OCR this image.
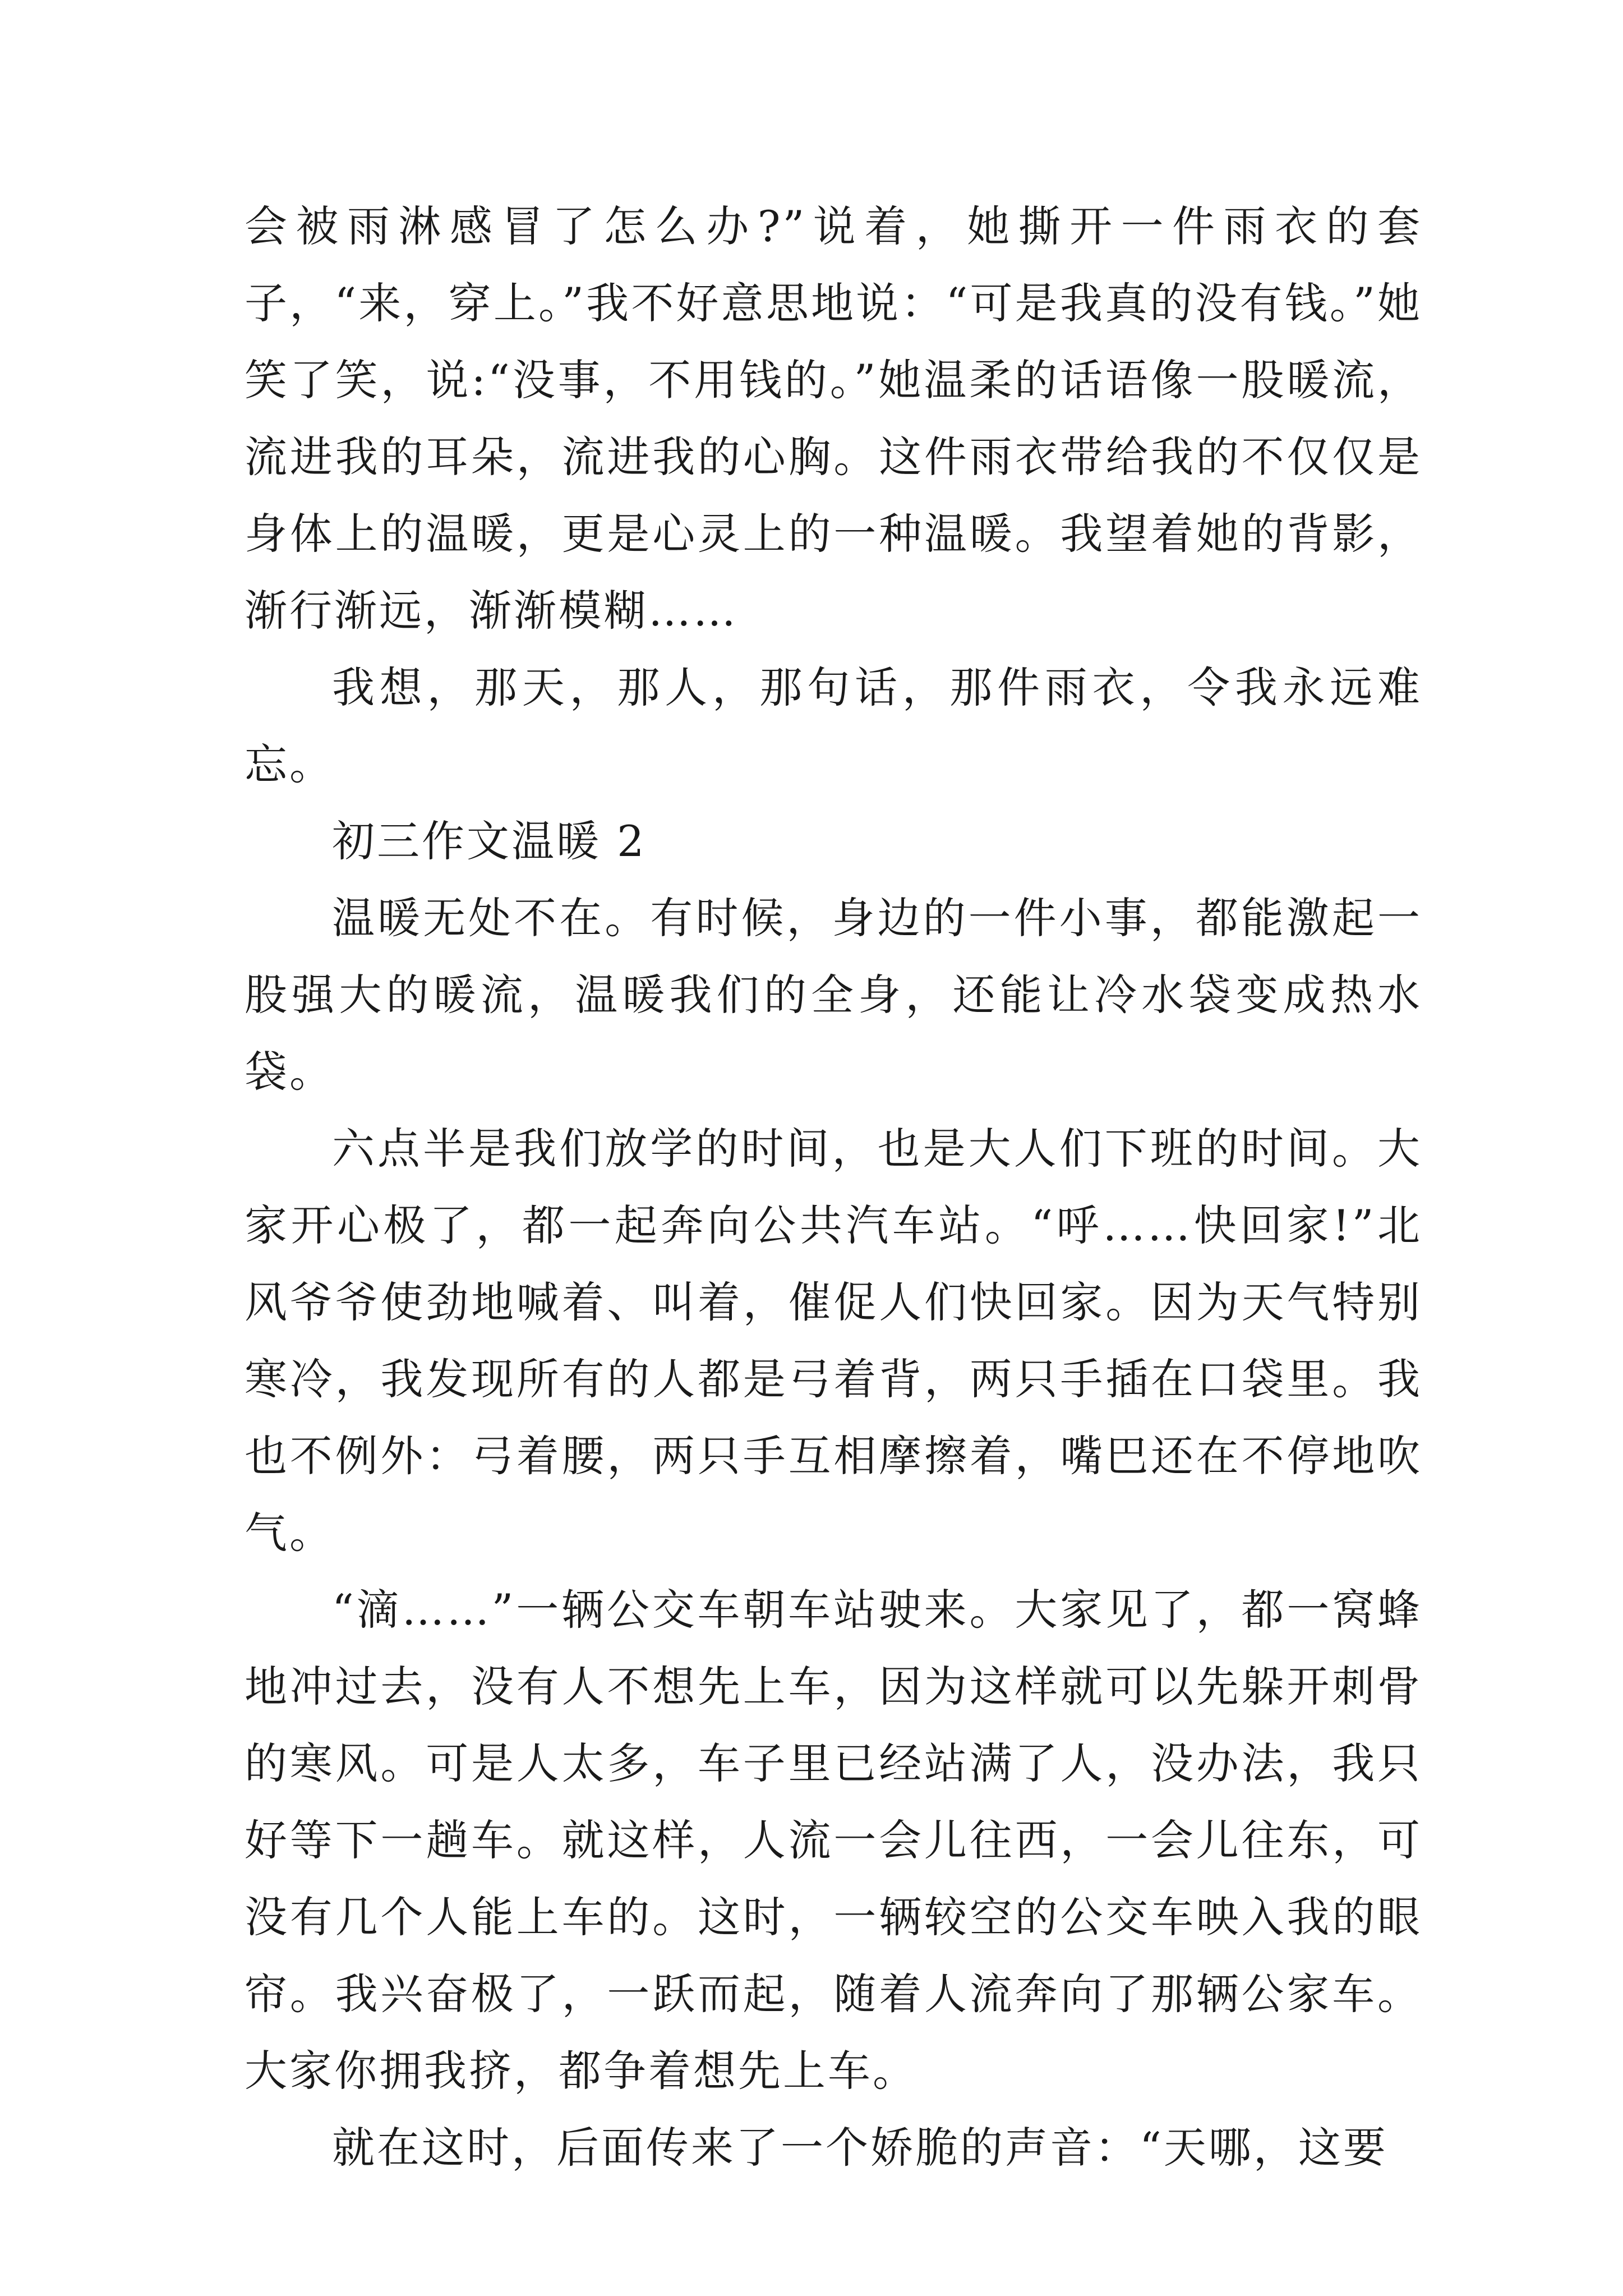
会被雨淋感冒了怎么办?”说着，她撕开一件雨衣的套子，“来，穿上。”我不好意思地说：“可是我真的没有钱。”她笑了笑，说:“没事，不用钱的。”她温柔的话语像一股暖流，流进我的耳朵，流进我的心胸。这件雨衣带给我的不仅仅是身体上的温暖，更是心灵上的一种温暖。我望着她的背影，渐行渐远，渐渐模糊……

我想，那天，那人，那句话，那件雨衣，令我永远难忘。

初三作文温暖 2

温暖无处不在。有时候，身边的一件小事，都能激起一股强大的暖流，温暖我们的全身，还能让冷水袋变成热水袋。

六点半是我们放学的时间，也是大人们下班的时间。大家开心极了，都一起奔向公共汽车站。“呼……快回家!”北风爷爷使劲地喊着、叫着，催促人们快回家。因为天气特别寒冷，我发现所有的人都是弓着背，两只手插在口袋里。我也不例外：弓着腰，两只手互相摩擦着，嘴巴还在不停地吹气。

“滴……”一辆公交车朝车站驶来。大家见了，都一窝蜂地冲过去，没有人不想先上车，因为这样就可以先躲开刺骨的寒风。可是人太多，车子里已经站满了人，没办法，我只好等下一趟车。就这样，人流一会儿往西，一会儿往东，可没有几个人能上车的。这时，一辆较空的公交车映入我的眼帘。我兴奋极了，一跃而起，随着人流奔向了那辆公家车。大家你拥我挤，都争着想先上车。

就在这时，后面传来了一个娇脆的声音：“天哪，这要
